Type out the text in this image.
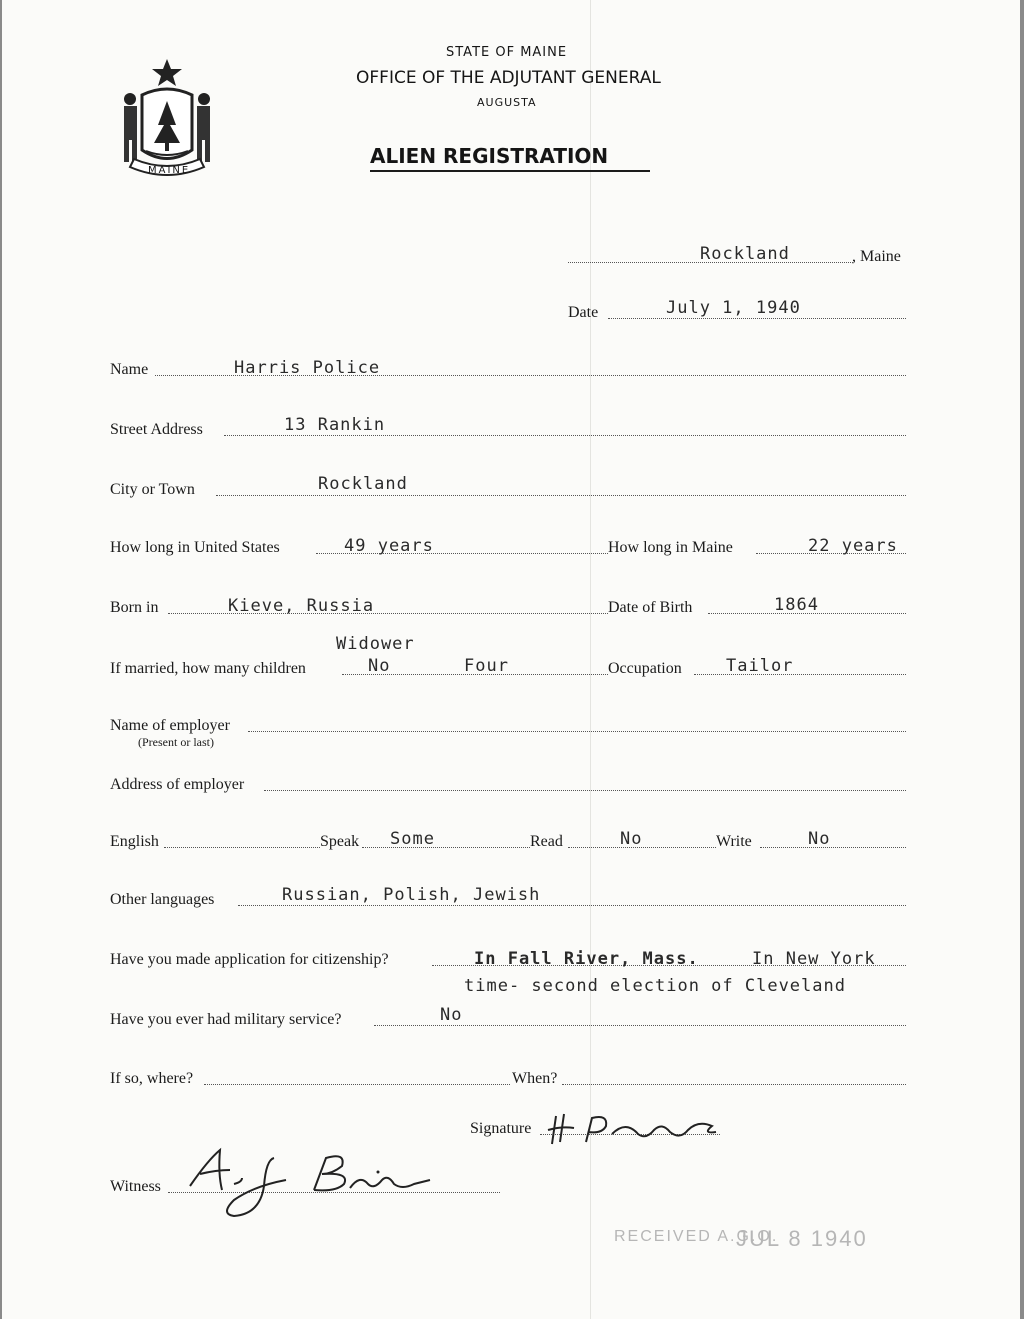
MAINE
STATE OF MAINE
OFFICE OF THE ADJUTANT GENERAL
AUGUSTA
ALIEN REGISTRATION
Rockland	, Maine
Date	July 1, 1940
Name	Harris Police
Street Address	13 Rankin
City or Town	Rockland
How long in United States	49 years	How long in Maine	22 years
Born in	Kieve, Russia	Date of Birth	1864
Widower
If married, how many children	No	Four	Occupation	Tailor
Name of employer
(Present or last)
Address of employer
English	Speak Some	Read	No	Write	No
Other languages	Russian, Polish, Jewish
Have you made application for citizenship?	In Fall River, Mass.	In New York
time- second election of Cleveland
Have you ever had military service?	No
If so, where?	When?
Signature
Witness
RECEIVED A.G.O.
JUL 8 1940
